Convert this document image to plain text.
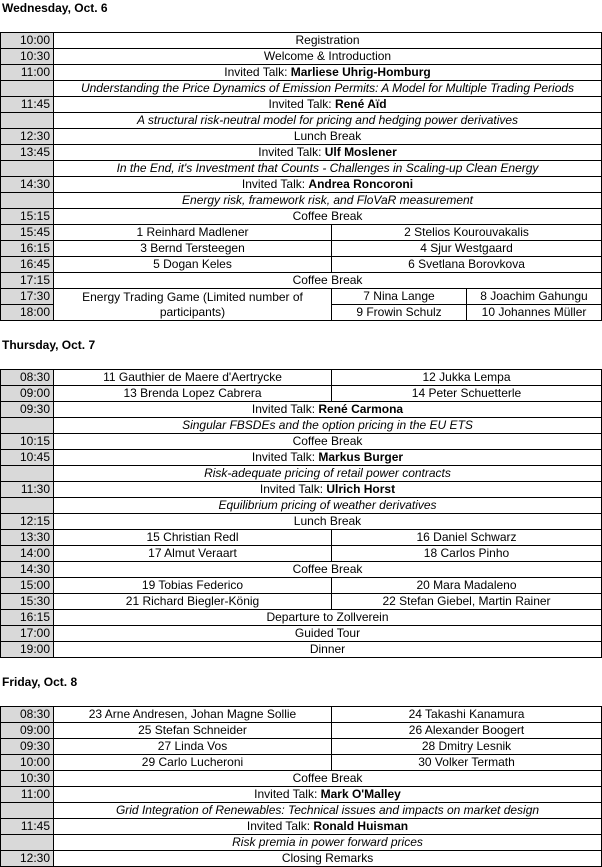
Wednesday, Oct. 6
10:00	Registration		
10:30	Welcome & Introduction		
11:00	Invited Talk: Marliese Uhrig-Homburg		
	Understanding the Price Dynamics of Emission Permits: A Model for Multiple Trading Periods		
11:45	Invited Talk: René Aïd		
	A structural risk-neutral model for pricing and hedging power derivatives		
12:30	Lunch Break		
13:45	Invited Talk: Ulf Moslener		
	In the End, it's Investment that Counts - Challenges in Scaling-up Clean Energy		
14:30	Invited Talk: Andrea Roncoroni		
	Energy risk, framework risk, and FloVaR measurement		
15:15	Coffee Break		
15:45	1 Reinhard Madlener	2 Stelios Kourouvakalis	
16:15	3 Bernd Tersteegen	4 Sjur Westgaard	
16:45	5 Dogan Keles	6 Svetlana Borovkova	
17:15	Coffee Break		
17:30	Energy Trading Game (Limited number of participants)	7 Nina Lange	8 Joachim Gahungu
18:00		9 Frowin Schulz	10 Johannes Müller
Thursday, Oct. 7
08:30	11 Gauthier de Maere d'Aertrycke	12 Jukka Lempa
09:00	13 Brenda Lopez Cabrera	14 Peter Schuetterle
09:30	Invited Talk: René Carmona	
	Singular FBSDEs and the option pricing in the EU ETS	
10:15	Coffee Break	
10:45	Invited Talk: Markus Burger	
	Risk-adequate pricing of retail power contracts	
11:30	Invited Talk: Ulrich Horst	
	Equilibrium pricing of weather derivatives	
12:15	Lunch Break	
13:30	15 Christian Redl	16 Daniel Schwarz
14:00	17 Almut Veraart	18 Carlos Pinho
14:30	Coffee Break	
15:00	19 Tobias Federico	20 Mara Madaleno
15:30	21 Richard Biegler-König	22 Stefan Giebel, Martin Rainer
16:15	Departure to Zollverein	
17:00	Guided Tour	
19:00	Dinner	
Friday, Oct. 8
08:30	23 Arne Andresen, Johan Magne Sollie	24 Takashi Kanamura
09:00	25 Stefan Schneider	26 Alexander Boogert
09:30	27 Linda Vos	28 Dmitry Lesnik
10:00	29 Carlo Lucheroni	30 Volker Termath
10:30	Coffee Break	
11:00	Invited Talk: Mark O'Malley	
	Grid Integration of Renewables: Technical issues and impacts on market design	
11:45	Invited Talk: Ronald Huisman	
	Risk premia in power forward prices	
12:30	Closing Remarks	
